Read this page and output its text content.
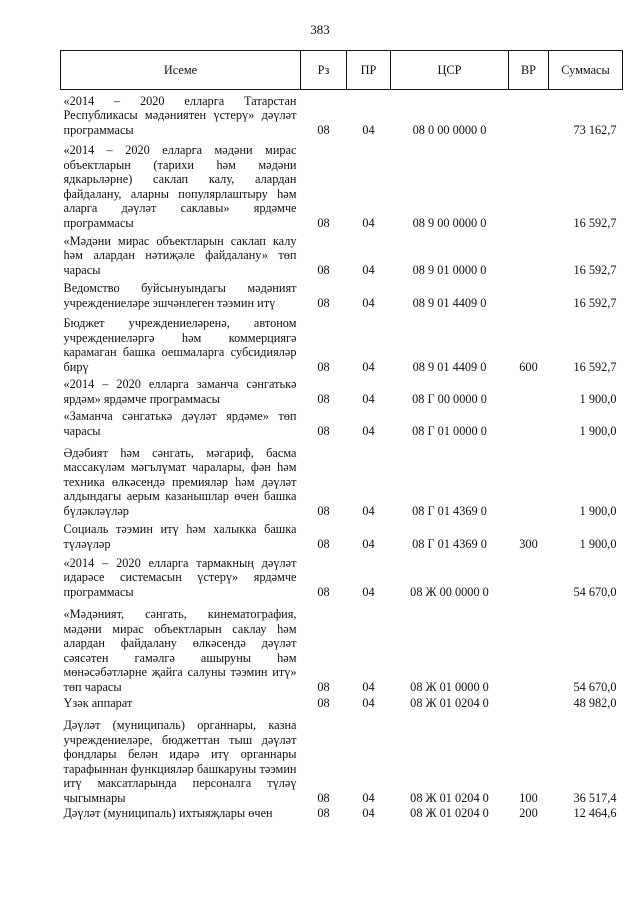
383
Исеме	Рз	ПР	ЦСР	ВР	Суммасы
«2014 – 2020 елларга Татарстан Республикасы мәдәниятен үстерү» дәүләт программасы	08	04	08 0 00 0000 0		73 162,7
«2014 – 2020 елларга мәдәни мирас объектларын (тарихи һәм мәдәни ядкарьләрне) саклап калу, алардан файдалану, аларны популярлаштыру һәм аларга дәүләт саклавы» ярдәмче программасы	08	04	08 9 00 0000 0		16 592,7
«Мәдәни мирас объектларын саклап калу һәм алардан нәтиҗәле файдалану» төп чарасы	08	04	08 9 01 0000 0		16 592,7
Ведомство буйсынуындагы мәдәният учреждениеләре эшчәнлеген тәэмин итү	08	04	08 9 01 4409 0		16 592,7
Бюджет учреждениеләренә, автоном учреждениеләргә һәм коммерциягә карамаган башка оешмаларга субсидияләр бирү	08	04	08 9 01 4409 0	600	16 592,7
«2014 – 2020 елларга заманча сәнгатькә ярдәм» ярдәмче программасы	08	04	08 Г 00 0000 0		1 900,0
«Заманча сәнгатькә дәүләт ярдәме» төп чарасы	08	04	08 Г 01 0000 0		1 900,0
Әдәбият һәм сәнгать, мәгариф, басма массакүләм мәгълүмат чаралары, фән һәм техника өлкәсендә премияләр һәм дәүләт алдындагы аерым казанышлар өчен башка бүләкләүләр	08	04	08 Г 01 4369 0		1 900,0
Социаль тәэмин итү һәм халыкка башка түләүләр	08	04	08 Г 01 4369 0	300	1 900,0
«2014 – 2020 елларга тармакның дәүләт идарәсе системасын үстерү» ярдәмче программасы	08	04	08 Ж 00 0000 0		54 670,0
«Мәдәният, сәнгать, кинематография, мәдәни мирас объектларын саклау һәм алардан файдалану өлкәсендә дәүләт сәясәтен гамәлгә ашыруны һәм мөнәсәбәтләрне җайга салуны тәэмин итү» төп чарасы	08	04	08 Ж 01 0000 0		54 670,0
Үзәк аппарат	08	04	08 Ж 01 0204 0		48 982,0
Дәүләт (муниципаль) органнары, казна учреждениеләре, бюджеттан тыш дәүләт фондлары белән идарә итү органнары тарафыннан функцияләр башкаруны тәэмин итү максатларында персоналга түләү чыгымнары	08	04	08 Ж 01 0204 0	100	36 517,4
Дәүләт (муниципаль) ихтыяҗлары өчен	08	04	08 Ж 01 0204 0	200	12 464,6
